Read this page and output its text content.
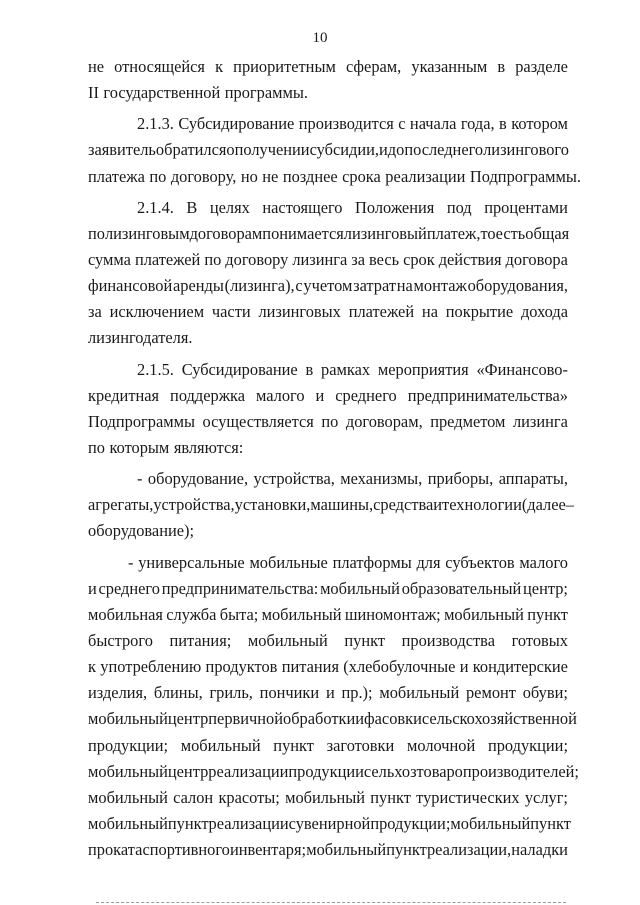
10
не относящейся к приоритетным сферам, указанным в разделе
II государственной программы.
2.1.3. Субсидирование производится с начала года, в котором
заявитель обратился о получении субсидии, и до последнего лизингового
платежа по договору, но не позднее срока реализации Подпрограммы.
2.1.4. В целях настоящего Положения под процентами
по лизинговым договорам понимается лизинговый платеж, то есть общая
сумма платежей по договору лизинга за весь срок действия договора
финансовой аренды (лизинга), с учетом затрат на монтаж оборудования,
за исключением части лизинговых платежей на покрытие дохода
лизингодателя.
2.1.5. Субсидирование в рамках мероприятия «Финансово-
кредитная поддержка малого и среднего предпринимательства»
Подпрограммы осуществляется по договорам, предметом лизинга
по которым являются:
- оборудование, устройства, механизмы, приборы, аппараты,
агрегаты, устройства, установки, машины, средства и технологии (далее –
оборудование);
- универсальные мобильные платформы для субъектов малого
и среднего предпринимательства: мобильный образовательный центр;
мобильная служба быта; мобильный шиномонтаж; мобильный пункт
быстрого питания; мобильный пункт производства готовых
к употреблению продуктов питания (хлебобулочные и кондитерские
изделия, блины, гриль, пончики и пр.); мобильный ремонт обуви;
мобильный центр первичной обработки и фасовки сельскохозяйственной
продукции; мобильный пункт заготовки молочной продукции;
мобильный центр реализации продукции сельхозтоваропроизводителей;
мобильный салон красоты; мобильный пункт туристических услуг;
мобильный пункт реализации сувенирной продукции; мобильный пункт
проката спортивного инвентаря; мобильный пункт реализации, наладки
